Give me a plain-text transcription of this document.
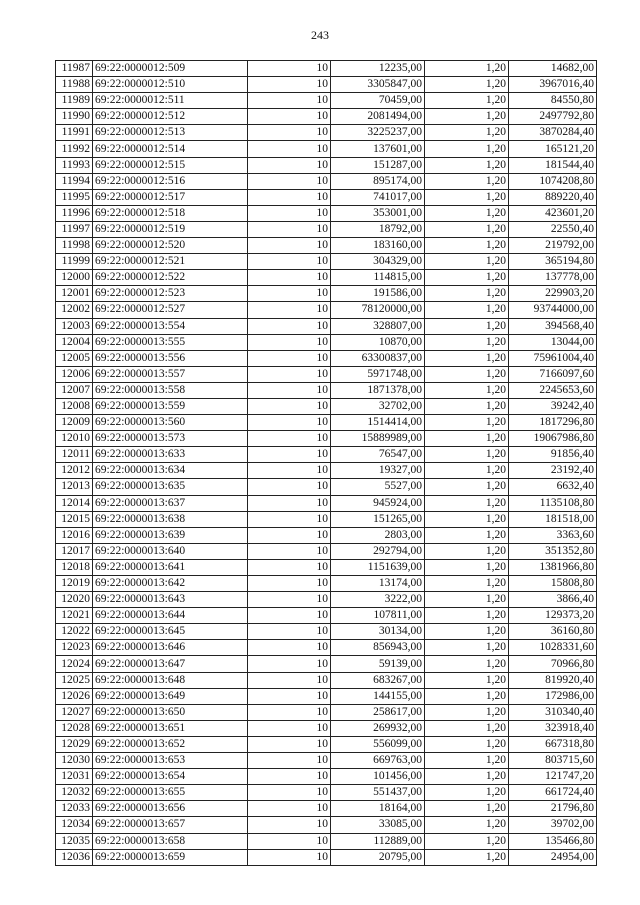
243
11987	69:22:0000012:509	10	12235,00	1,20	14682,00
11988	69:22:0000012:510	10	3305847,00	1,20	3967016,40
11989	69:22:0000012:511	10	70459,00	1,20	84550,80
11990	69:22:0000012:512	10	2081494,00	1,20	2497792,80
11991	69:22:0000012:513	10	3225237,00	1,20	3870284,40
11992	69:22:0000012:514	10	137601,00	1,20	165121,20
11993	69:22:0000012:515	10	151287,00	1,20	181544,40
11994	69:22:0000012:516	10	895174,00	1,20	1074208,80
11995	69:22:0000012:517	10	741017,00	1,20	889220,40
11996	69:22:0000012:518	10	353001,00	1,20	423601,20
11997	69:22:0000012:519	10	18792,00	1,20	22550,40
11998	69:22:0000012:520	10	183160,00	1,20	219792,00
11999	69:22:0000012:521	10	304329,00	1,20	365194,80
12000	69:22:0000012:522	10	114815,00	1,20	137778,00
12001	69:22:0000012:523	10	191586,00	1,20	229903,20
12002	69:22:0000012:527	10	78120000,00	1,20	93744000,00
12003	69:22:0000013:554	10	328807,00	1,20	394568,40
12004	69:22:0000013:555	10	10870,00	1,20	13044,00
12005	69:22:0000013:556	10	63300837,00	1,20	75961004,40
12006	69:22:0000013:557	10	5971748,00	1,20	7166097,60
12007	69:22:0000013:558	10	1871378,00	1,20	2245653,60
12008	69:22:0000013:559	10	32702,00	1,20	39242,40
12009	69:22:0000013:560	10	1514414,00	1,20	1817296,80
12010	69:22:0000013:573	10	15889989,00	1,20	19067986,80
12011	69:22:0000013:633	10	76547,00	1,20	91856,40
12012	69:22:0000013:634	10	19327,00	1,20	23192,40
12013	69:22:0000013:635	10	5527,00	1,20	6632,40
12014	69:22:0000013:637	10	945924,00	1,20	1135108,80
12015	69:22:0000013:638	10	151265,00	1,20	181518,00
12016	69:22:0000013:639	10	2803,00	1,20	3363,60
12017	69:22:0000013:640	10	292794,00	1,20	351352,80
12018	69:22:0000013:641	10	1151639,00	1,20	1381966,80
12019	69:22:0000013:642	10	13174,00	1,20	15808,80
12020	69:22:0000013:643	10	3222,00	1,20	3866,40
12021	69:22:0000013:644	10	107811,00	1,20	129373,20
12022	69:22:0000013:645	10	30134,00	1,20	36160,80
12023	69:22:0000013:646	10	856943,00	1,20	1028331,60
12024	69:22:0000013:647	10	59139,00	1,20	70966,80
12025	69:22:0000013:648	10	683267,00	1,20	819920,40
12026	69:22:0000013:649	10	144155,00	1,20	172986,00
12027	69:22:0000013:650	10	258617,00	1,20	310340,40
12028	69:22:0000013:651	10	269932,00	1,20	323918,40
12029	69:22:0000013:652	10	556099,00	1,20	667318,80
12030	69:22:0000013:653	10	669763,00	1,20	803715,60
12031	69:22:0000013:654	10	101456,00	1,20	121747,20
12032	69:22:0000013:655	10	551437,00	1,20	661724,40
12033	69:22:0000013:656	10	18164,00	1,20	21796,80
12034	69:22:0000013:657	10	33085,00	1,20	39702,00
12035	69:22:0000013:658	10	112889,00	1,20	135466,80
12036	69:22:0000013:659	10	20795,00	1,20	24954,00
